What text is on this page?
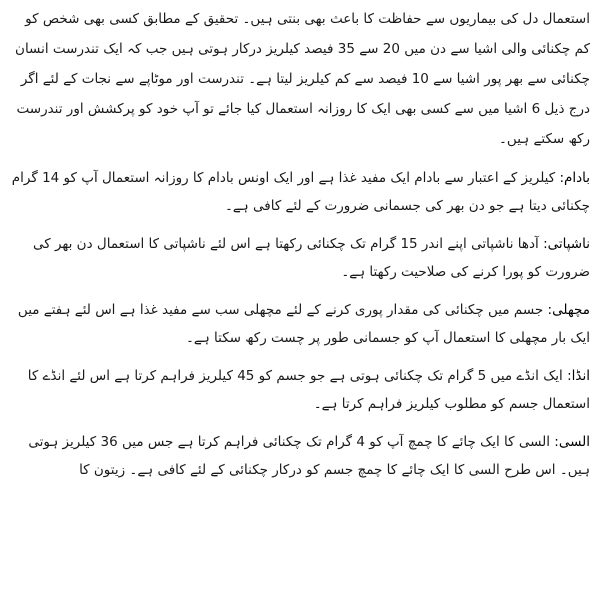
استعمال دل کی بیماریوں سے حفاظت کا باعث بھی بنتی ہیں۔ تحقیق کے مطابق کسی بھی شخص کو کم چکنائی والی اشیا سے دن میں 20 سے 35 فیصد کیلریز درکار ہوتی ہیں جب کہ ایک تندرست انسان چکنائی سے بھر پور اشیا سے 10 فیصد سے کم کیلریز لیتا ہے۔ تندرست اور موٹاپے سے نجات کے لئے اگر درج ذیل 6 اشیا میں سے کسی بھی ایک کا روزانہ استعمال کیا جائے تو آپ خود کو پرکشش اور تندرست رکھ سکتے ہیں۔

بادام: کیلریز کے اعتبار سے بادام ایک مفید غذا ہے اور ایک اونس بادام کا روزانہ استعمال آپ کو 14 گرام چکنائی دیتا ہے جو دن بھر کی جسمانی ضرورت کے لئے کافی ہے۔

ناشپاتی: آدھا ناشپاتی اپنے اندر 15 گرام تک چکنائی رکھتا ہے اس لئے ناشپاتی کا استعمال دن بھر کی ضرورت کو پورا کرنے کی صلاحیت رکھتا ہے۔

مچھلی: جسم میں چکنائی کی مقدار پوری کرنے کے لئے مچھلی سب سے مفید غذا ہے اس لئے ہفتے میں ایک بار مچھلی کا استعمال آپ کو جسمانی طور پر چست رکھ سکتا ہے۔

انڈا: ایک انڈے میں 5 گرام تک چکنائی ہوتی ہے جو جسم کو 45 کیلریز فراہم کرتا ہے اس لئے انڈے کا استعمال جسم کو مطلوب کیلریز فراہم کرتا ہے۔

السی: السی کا ایک چائے کا چمچ آپ کو 4 گرام تک چکنائی فراہم کرتا ہے جس میں 36 کیلریز ہوتی ہیں۔ اس طرح السی کا ایک چائے کا چمچ جسم کو درکار چکنائی کے لئے کافی ہے۔ زیتون کا
